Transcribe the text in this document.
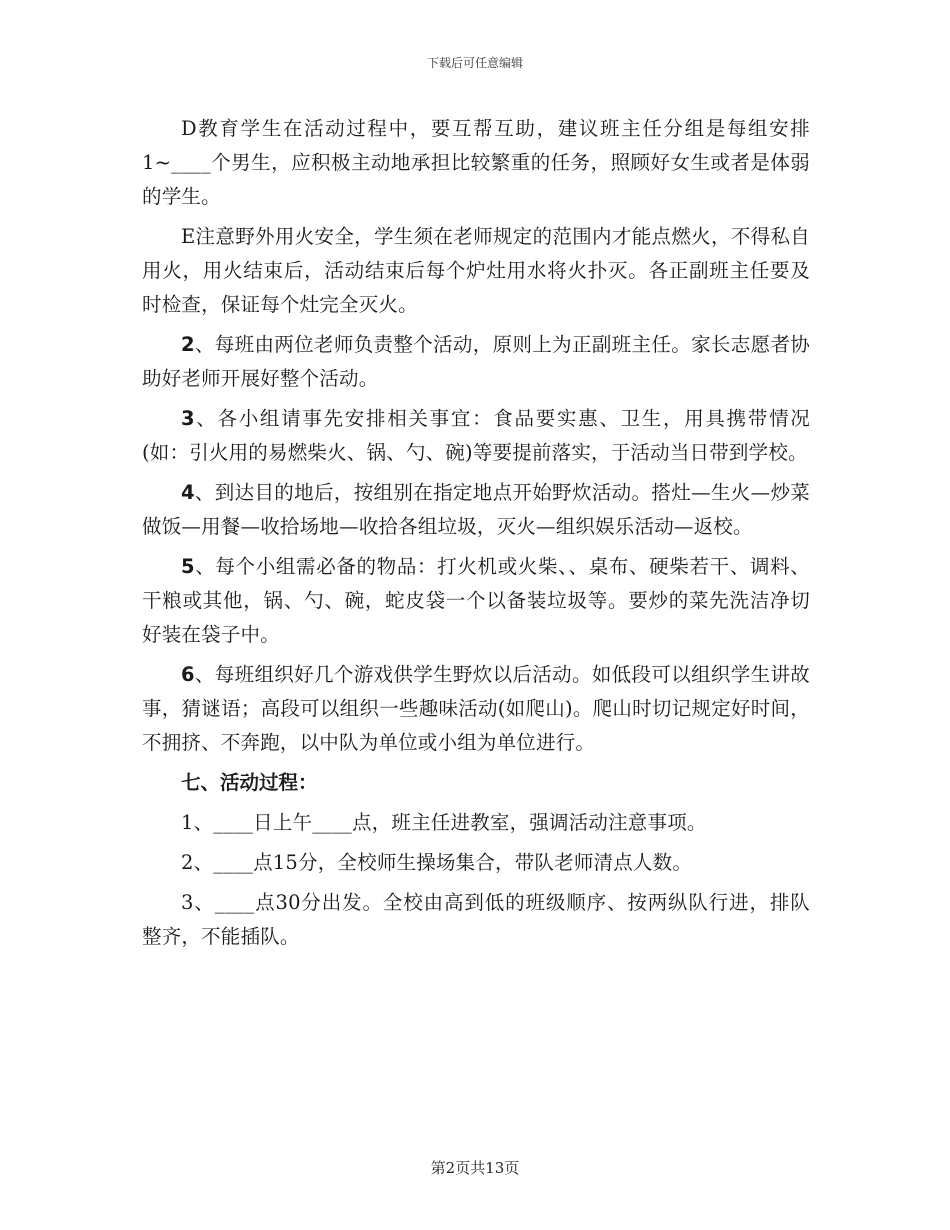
下载后可任意编辑

D教育学生在活动过程中，要互帮互助，建议班主任分组是每组安排1~____个男生，应积极主动地承担比较繁重的任务，照顾好女生或者是体弱的学生。

E注意野外用火安全，学生须在老师规定的范围内才能点燃火，不得私自用火，用火结束后，活动结束后每个炉灶用水将火扑灭。各正副班主任要及时检查，保证每个灶完全灭火。

2、每班由两位老师负责整个活动，原则上为正副班主任。家长志愿者协助好老师开展好整个活动。

3、各小组请事先安排相关事宜：食品要实惠、卫生，用具携带情况(如：引火用的易燃柴火、锅、勺、碗)等要提前落实，于活动当日带到学校。

4、到达目的地后，按组别在指定地点开始野炊活动。搭灶—生火—炒菜做饭—用餐—收拾场地—收拾各组垃圾，灭火—组织娱乐活动—返校。

5、每个小组需必备的物品：打火机或火柴、、桌布、硬柴若干、调料、干粮或其他，锅、勺、碗，蛇皮袋一个以备装垃圾等。要炒的菜先洗洁净切好装在袋子中。

6、每班组织好几个游戏供学生野炊以后活动。如低段可以组织学生讲故事，猜谜语；高段可以组织一些趣味活动(如爬山)。爬山时切记规定好时间，不拥挤、不奔跑，以中队为单位或小组为单位进行。

七、活动过程：

1、____日上午____点，班主任进教室，强调活动注意事项。

2、____点15分，全校师生操场集合，带队老师清点人数。

3、____点30分出发。全校由高到低的班级顺序、按两纵队行进，排队整齐，不能插队。

第2页共13页
